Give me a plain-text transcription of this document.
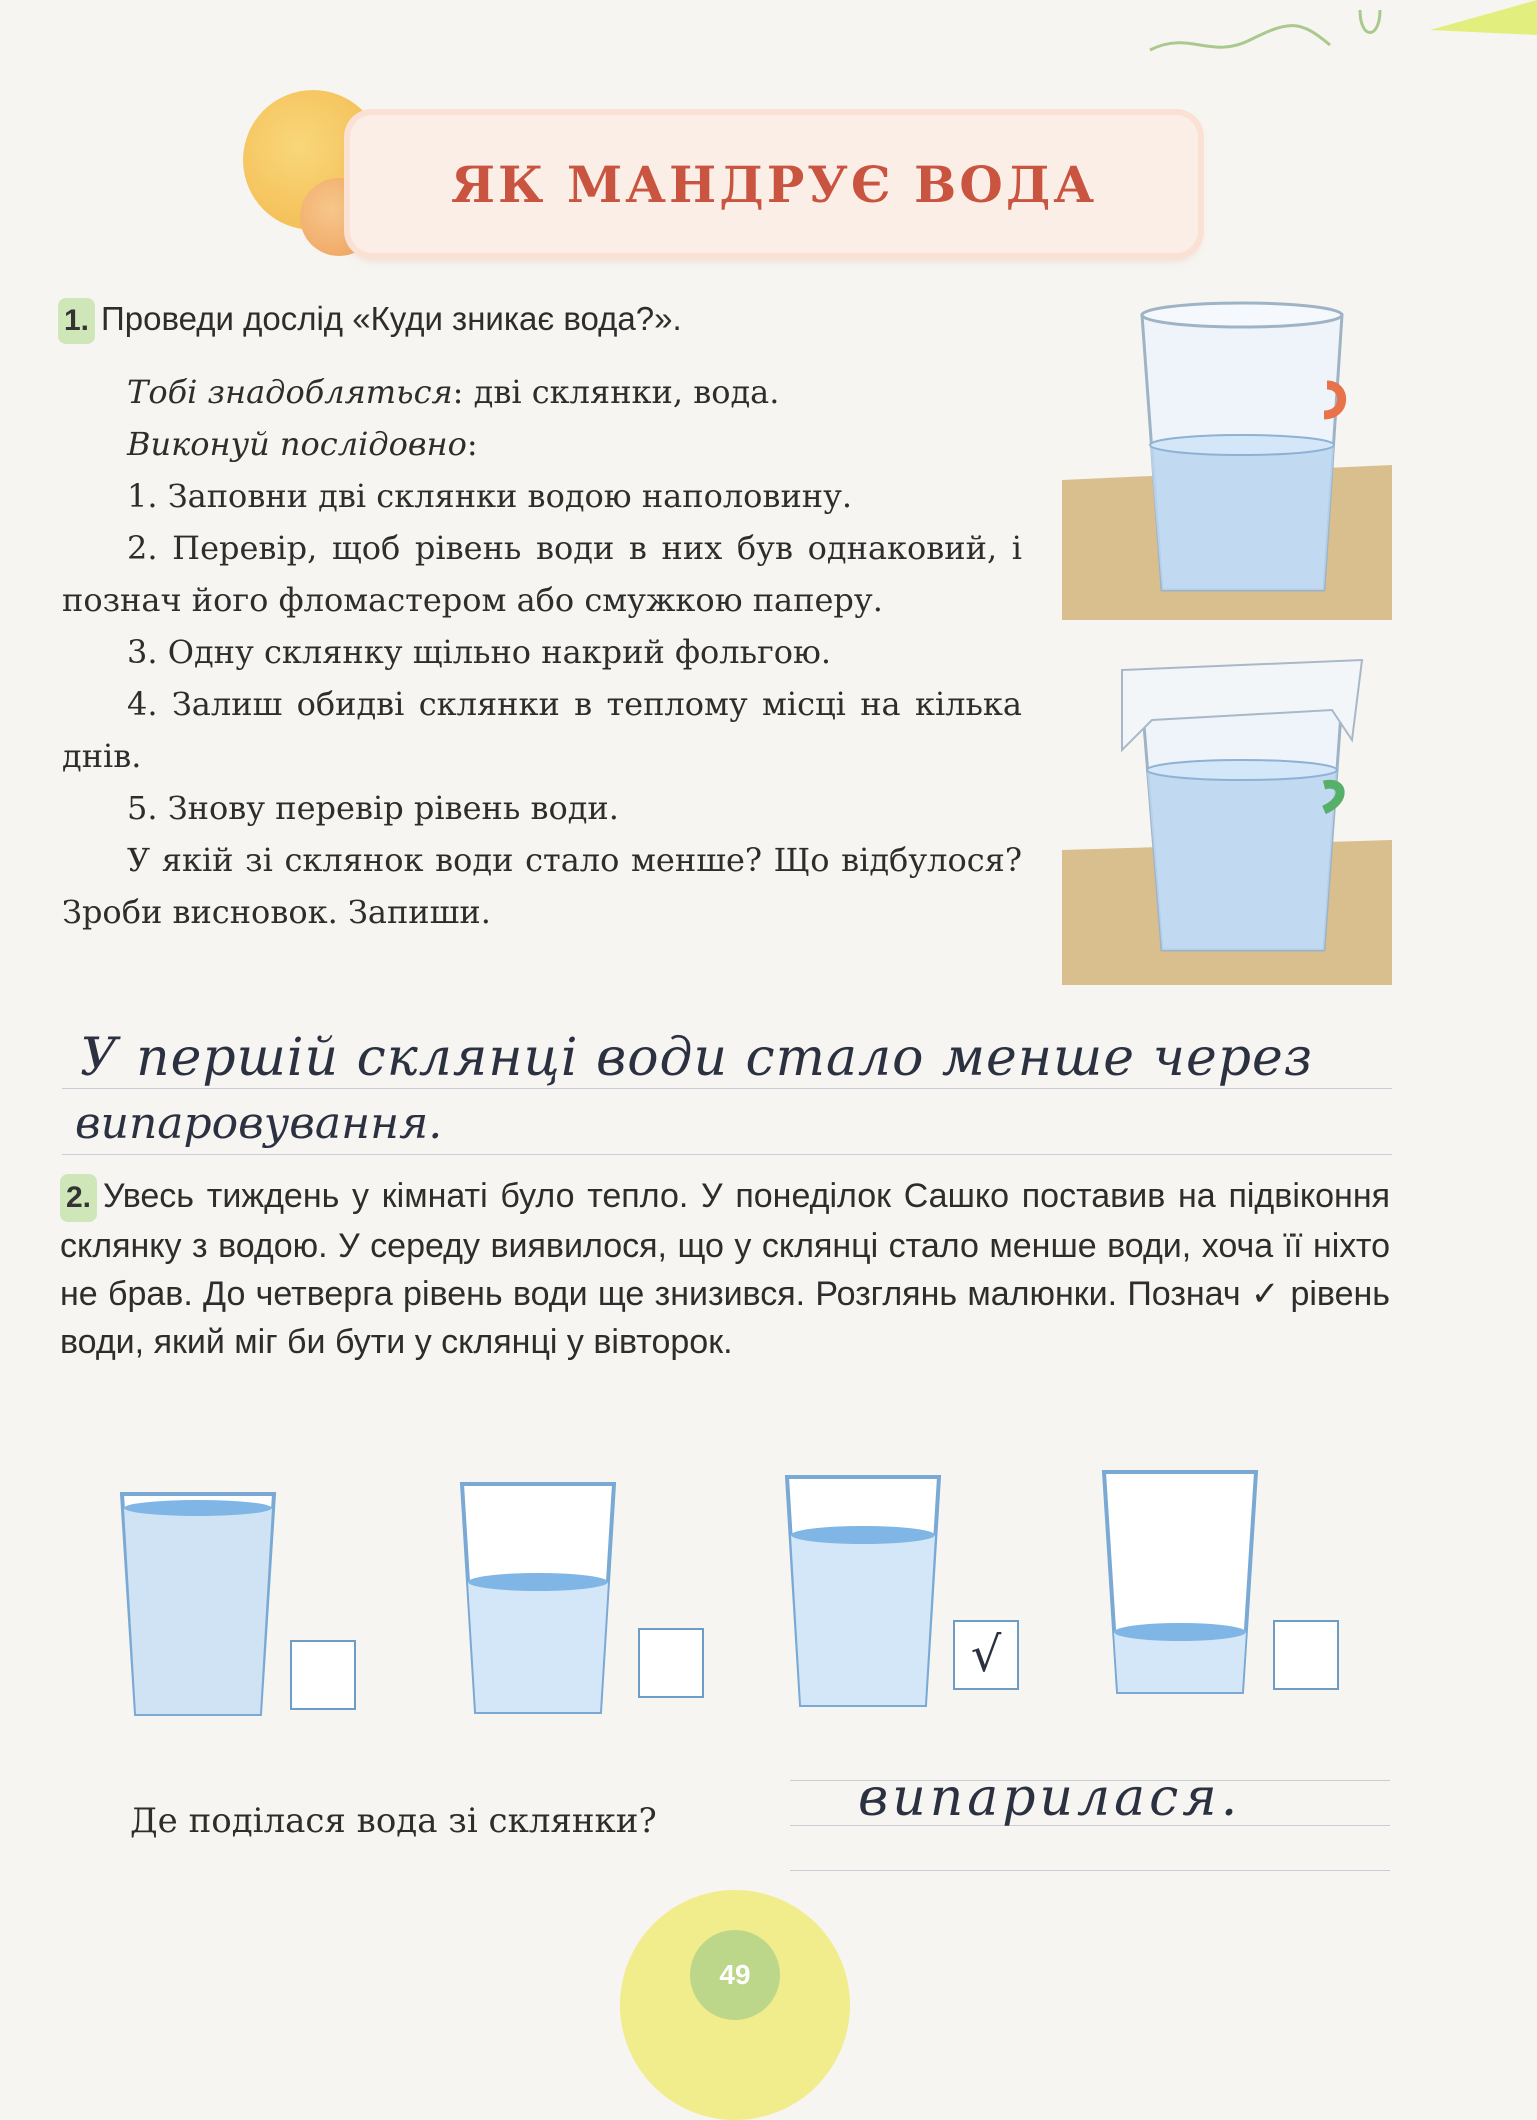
ЯК МАНДРУЄ ВОДА
1. Проведи дослід «Куди зникає вода?».
Тобі знадобляться: дві склянки, вода.
Виконуй послідовно:
1. Заповни дві склянки водою наполовину.
2. Перевір, щоб рівень води в них був однаковий, і познач його фломастером або смужкою паперу.
3. Одну склянку щільно накрий фольгою.
4. Залиш обидві склянки в теплому місці на кілька днів.
5. Знову перевір рівень води.
У якій зі склянок води стало менше? Що відбулося? Зроби висновок. Запиши.
У першій склянці води стало менше через
випаровування.
2. Увесь тиждень у кімнаті було тепло. У понеділок Сашко поставив на підвіконня склянку з водою. У середу виявилося, що у склянці стало менше води, хоча її ніхто не брав. До четверга рівень води ще знизився. Розглянь малюнки. Познач ✓ рівень води, який міг би бути у склянці у вівторок.
√
Де поділася вода зі склянки?	випарилася.
49
